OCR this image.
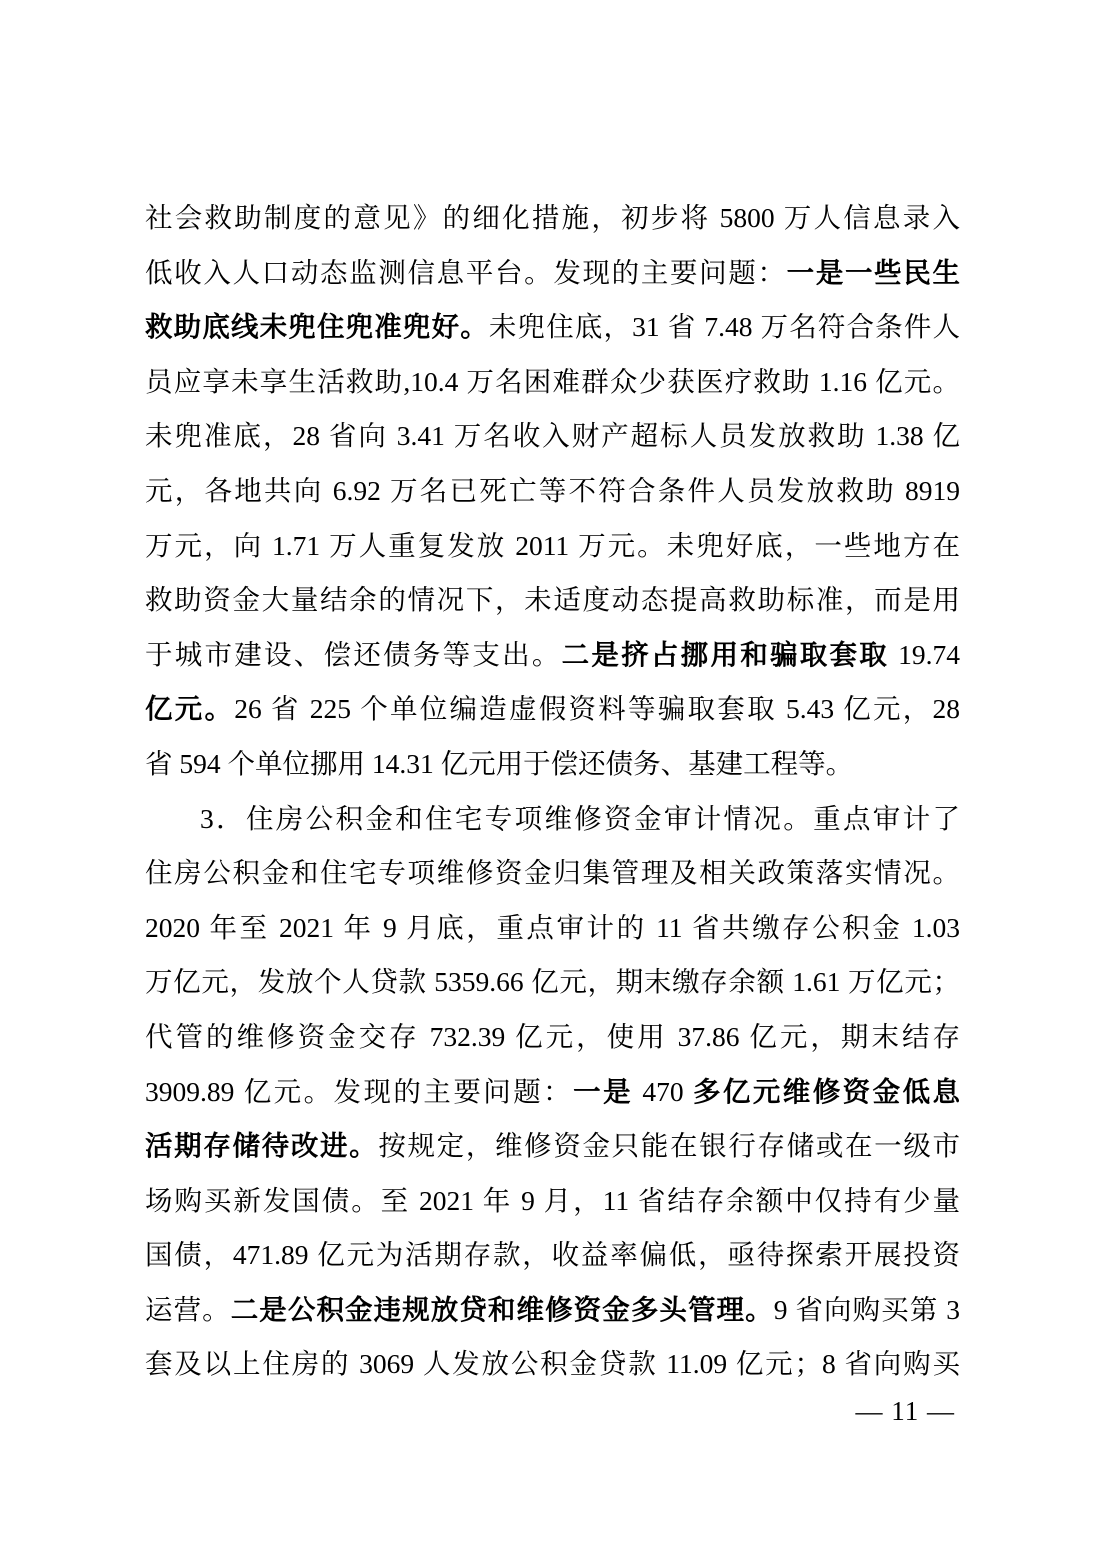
社会救助制度的意见》的细化措施，初步将 5800 万人信息录入
低收入人口动态监测信息平台。发现的主要问题：一是一些民生
救助底线未兜住兜准兜好。未兜住底，31 省 7.48 万名符合条件人
员应享未享生活救助,10.4 万名困难群众少获医疗救助 1.16 亿元。
未兜准底，28 省向 3.41 万名收入财产超标人员发放救助 1.38 亿
元，各地共向 6.92 万名已死亡等不符合条件人员发放救助 8919
万元，向 1.71 万人重复发放 2011 万元。未兜好底，一些地方在
救助资金大量结余的情况下，未适度动态提高救助标准，而是用
于城市建设、偿还债务等支出。二是挤占挪用和骗取套取 19.74
亿元。26 省 225 个单位编造虚假资料等骗取套取 5.43 亿元，28
省 594 个单位挪用 14.31 亿元用于偿还债务、基建工程等。
3．住房公积金和住宅专项维修资金审计情况。重点审计了
住房公积金和住宅专项维修资金归集管理及相关政策落实情况。
2020 年至 2021 年 9 月底，重点审计的 11 省共缴存公积金 1.03
万亿元，发放个人贷款 5359.66 亿元，期末缴存余额 1.61 万亿元；
代管的维修资金交存 732.39 亿元，使用 37.86 亿元，期末结存
3909.89 亿元。发现的主要问题：一是 470 多亿元维修资金低息
活期存储待改进。按规定，维修资金只能在银行存储或在一级市
场购买新发国债。至 2021 年 9 月，11 省结存余额中仅持有少量
国债，471.89 亿元为活期存款，收益率偏低，亟待探索开展投资
运营。二是公积金违规放贷和维修资金多头管理。9 省向购买第 3
套及以上住房的 3069 人发放公积金贷款 11.09 亿元；8 省向购买
— 11 —
